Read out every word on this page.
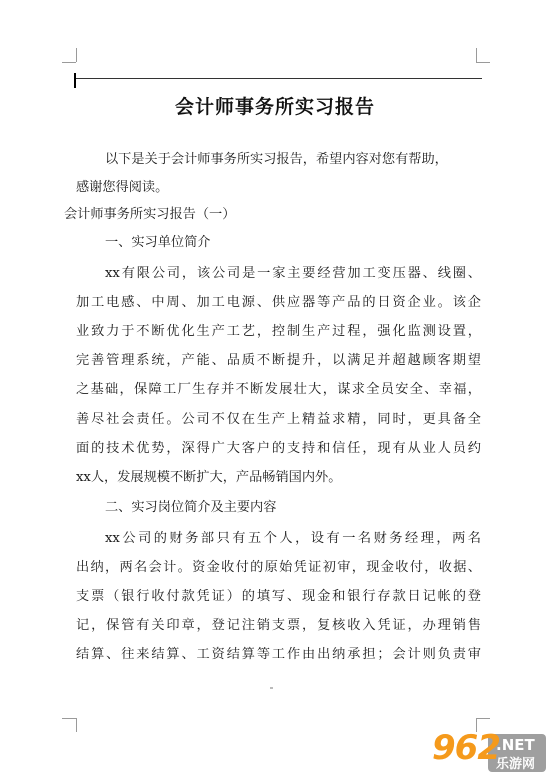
会计师事务所实习报告
以下是关于会计师事务所实习报告，希望内容对您有帮助，
感谢您得阅读。
会计师事务所实习报告（一）
一、实习单位简介
xx有限公司，该公司是一家主要经营加工变压器、线圈、
加工电感、中周、加工电源、供应器等产品的日资企业。该企
业致力于不断优化生产工艺，控制生产过程，强化监测设置，
完善管理系统，产能、品质不断提升，以满足并超越顾客期望
之基础，保障工厂生存并不断发展壮大，谋求全员安全、幸福，
善尽社会责任。公司不仅在生产上精益求精，同时，更具备全
面的技术优势，深得广大客户的支持和信任，现有从业人员约
xx人，发展规模不断扩大，产品畅销国内外。
二、实习岗位简介及主要内容
xx公司的财务部只有五个人，设有一名财务经理，两名
出纳，两名会计。资金收付的原始凭证初审，现金收付，收据、
支票（银行收付款凭证）的填写、现金和银行存款日记帐的登
记，保管有关印章，登记注销支票，复核收入凭证，办理销售
结算、往来结算、工资结算等工作由出纳承担；会计则负责审
962
.NET
乐游网
